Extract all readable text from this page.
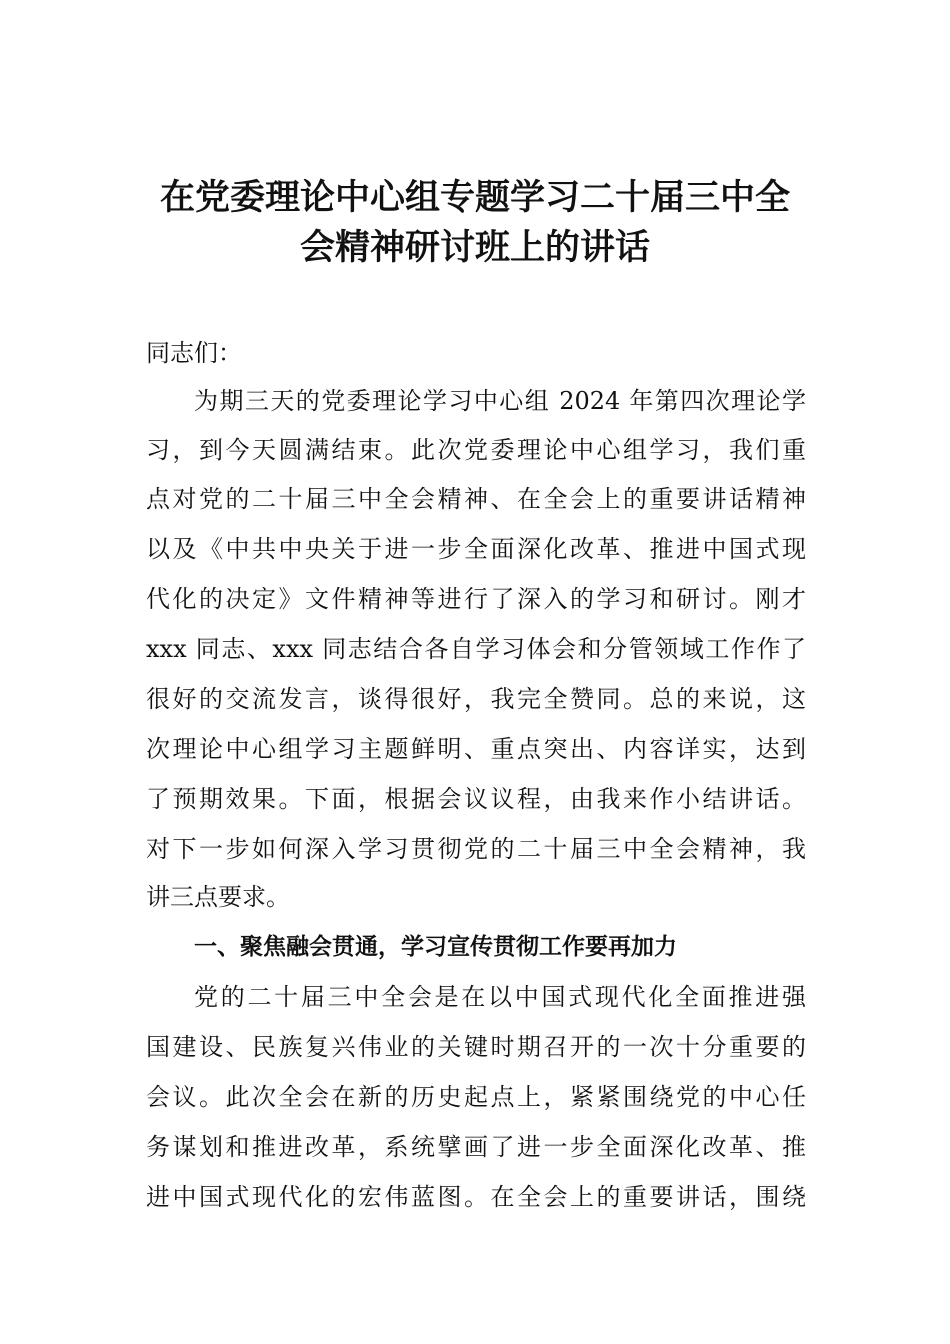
在党委理论中心组专题学习二十届三中全
会精神研讨班上的讲话
同志们：
为期三天的党委理论学习中心组 2024 年第四次理论学
习，到今天圆满结束。此次党委理论中心组学习，我们重
点对党的二十届三中全会精神、在全会上的重要讲话精神
以及《中共中央关于进一步全面深化改革、推进中国式现
代化的决定》文件精神等进行了深入的学习和研讨。刚才
xxx 同志、xxx 同志结合各自学习体会和分管领域工作作了
很好的交流发言，谈得很好，我完全赞同。总的来说，这
次理论中心组学习主题鲜明、重点突出、内容详实，达到
了预期效果。下面，根据会议议程，由我来作小结讲话。
对下一步如何深入学习贯彻党的二十届三中全会精神，我
讲三点要求。
一、聚焦融会贯通，学习宣传贯彻工作要再加力
党的二十届三中全会是在以中国式现代化全面推进强
国建设、民族复兴伟业的关键时期召开的一次十分重要的
会议。此次全会在新的历史起点上，紧紧围绕党的中心任
务谋划和推进改革，系统擘画了进一步全面深化改革、推
进中国式现代化的宏伟蓝图。在全会上的重要讲话，围绕
